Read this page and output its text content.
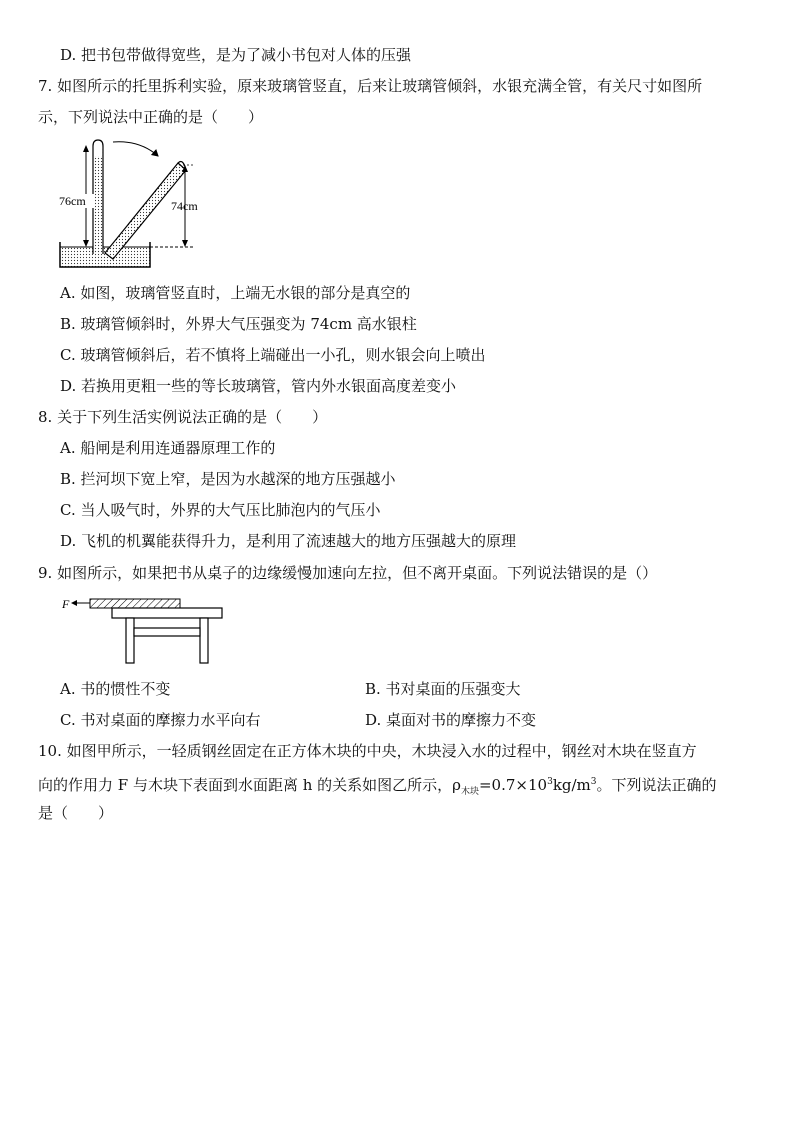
D. 把书包带做得宽些，是为了减小书包对人体的压强
7. 如图所示的托里拆利实验，原来玻璃管竖直，后来让玻璃管倾斜，水银充满全管，有关尺寸如图所
示，下列说法中正确的是（　　）
76cm	74cm
A. 如图，玻璃管竖直时，上端无水银的部分是真空的
B. 玻璃管倾斜时，外界大气压强变为 74cm 高水银柱
C. 玻璃管倾斜后，若不慎将上端碰出一小孔，则水银会向上喷出
D. 若换用更粗一些的等长玻璃管，管内外水银面高度差变小
8. 关于下列生活实例说法正确的是（　　）
A. 船闸是利用连通器原理工作的
B. 拦河坝下宽上窄，是因为水越深的地方压强越小
C. 当人吸气时，外界的大气压比肺泡内的气压小
D. 飞机的机翼能获得升力，是利用了流速越大的地方压强越大的原理
9. 如图所示，如果把书从桌子的边缘缓慢加速向左拉，但不离开桌面。下列说法错误的是（）
F
A. 书的惯性不变	B. 书对桌面的压强变大
C. 书对桌面的摩擦力水平向右	D. 桌面对书的摩擦力不变
10. 如图甲所示，一轻质钢丝固定在正方体木块的中央，木块浸入水的过程中，钢丝对木块在竖直方
向的作用力 F 与木块下表面到水面距离 h 的关系如图乙所示，$\rho_{木块}=0.7\times 10^3kg/m^3$。下列说法正确的
是（　　）
